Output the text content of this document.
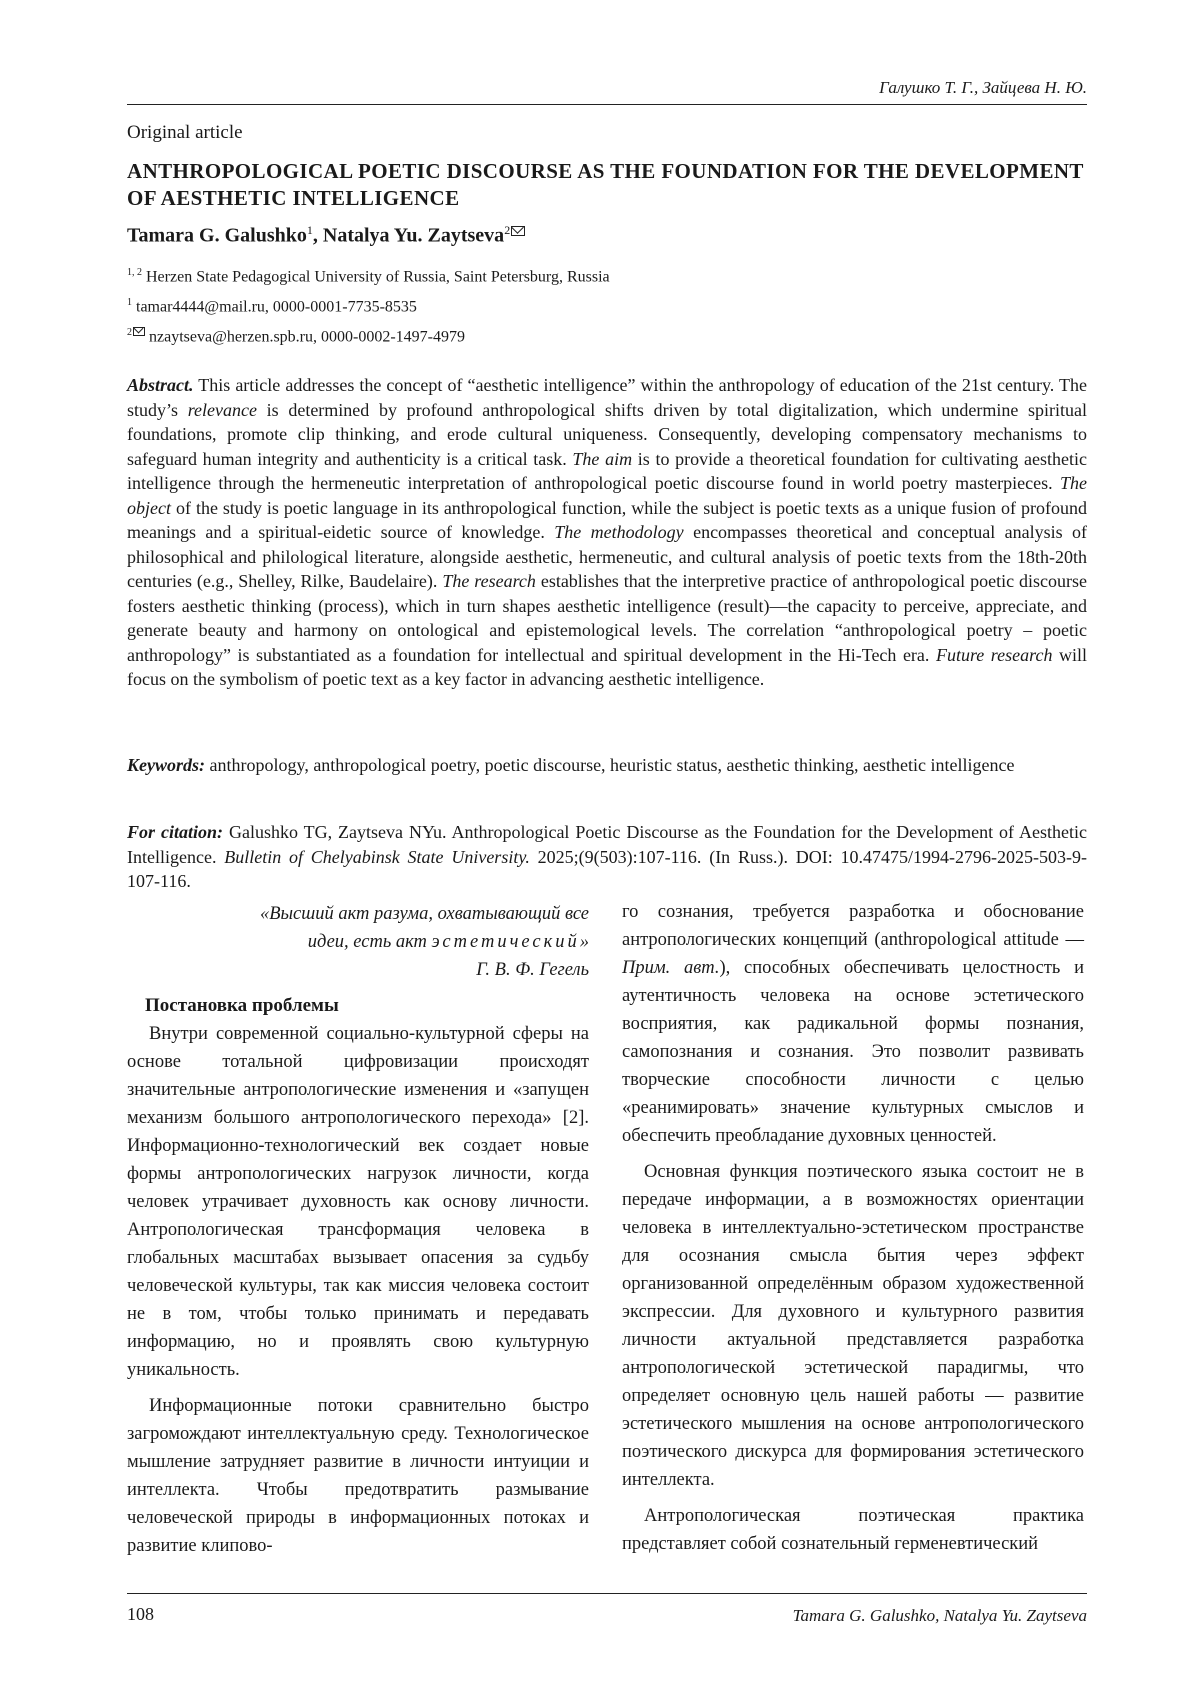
Галушко Т. Г., Зайцева Н. Ю.
Original article
ANTHROPOLOGICAL POETIC DISCOURSE AS THE FOUNDATION FOR THE DEVELOPMENT OF AESTHETIC INTELLIGENCE
Tamara G. Galushko$^1$, Natalya Yu. Zaytseva$^2$
$^{1, 2}$ Herzen State Pedagogical University of Russia, Saint Petersburg, Russia
$^1$ tamar4444@mail.ru, 0000-0001-7735-8535
$^2$ nzaytseva@herzen.spb.ru, 0000-0002-1497-4979

Abstract. This article addresses the concept of “aesthetic intelligence” within the anthropology of education of the 21st century. The study’s relevance is determined by profound anthropological shifts driven by total digitalization, which undermine spiritual foundations, promote clip thinking, and erode cultural uniqueness. Consequently, developing compensatory mechanisms to safeguard human integrity and authenticity is a critical task. The aim is to provide a theoretical foundation for cultivating aesthetic intelligence through the hermeneutic interpretation of anthropological poetic discourse found in world poetry masterpieces. The object of the study is poetic language in its anthropological function, while the subject is poetic texts as a unique fusion of profound meanings and a spiritual-eidetic source of knowledge. The methodology encompasses theoretical and conceptual analysis of philosophical and philological literature, alongside aesthetic, hermeneutic, and cultural analysis of poetic texts from the 18th-20th centuries (e.g., Shelley, Rilke, Baudelaire). The research establishes that the interpretive practice of anthropological poetic discourse fosters aesthetic thinking (process), which in turn shapes aesthetic intelligence (result)—the capacity to perceive, appreciate, and generate beauty and harmony on ontological and epistemological levels. The correlation “anthropological poetry – poetic anthropology” is substantiated as a foundation for intellectual and spiritual development in the Hi-Tech era. Future research will focus on the symbolism of poetic text as a key factor in advancing aesthetic intelligence.

Keywords: anthropology, anthropological poetry, poetic discourse, heuristic status, aesthetic thinking, aesthetic intelligence

For citation: Galushko TG, Zaytseva NYu. Anthropological Poetic Discourse as the Foundation for the Development of Aesthetic Intelligence. Bulletin of Chelyabinsk State University. 2025;(9(503):107-116. (In Russ.). DOI: 10.47475/1994-2796-2025-503-9-107-116.

«Высший акт разума, охватывающий все
идеи, есть акт эстетический»
Г. В. Ф. Гегель

Постановка проблемы

Внутри современной социально-культурной сферы на основе тотальной цифровизации происходят значительные антропологические изменения и «запущен механизм большого антропологического перехода» [2]. Информационно-технологический век создает новые формы антропологических нагрузок личности, когда человек утрачивает духовность как основу личности. Антропологическая трансформация человека в глобальных масштабах вызывает опасения за судьбу человеческой культуры, так как миссия человека состоит не в том, чтобы только принимать и передавать информацию, но и проявлять свою культурную уникальность.

Информационные потоки сравнительно быстро загромождают интеллектуальную среду. Технологическое мышление затрудняет развитие в личности интуиции и интеллекта. Чтобы предотвратить размывание человеческой природы в информационных потоках и развитие клипово-

го сознания, требуется разработка и обоснование антропологических концепций (anthropological attitude — Прим. авт.), способных обеспечивать целостность и аутентичность человека на основе эстетического восприятия, как радикальной формы познания, самопознания и сознания. Это позволит развивать творческие способности личности с целью «реанимировать» значение культурных смыслов и обеспечить преобладание духовных ценностей.

Основная функция поэтического языка состоит не в передаче информации, а в возможностях ориентации человека в интеллектуально-эстетическом пространстве для осознания смысла бытия через эффект организованной определённым образом художественной экспрессии. Для духовного и культурного развития личности актуальной представляется разработка антропологической эстетической парадигмы, что определяет основную цель нашей работы — развитие эстетического мышления на основе антропологического поэтического дискурса для формирования эстетического интеллекта.

Антропологическая поэтическая практика представляет собой сознательный герменевтический

108	Tamara G. Galushko, Natalya Yu. Zaytseva
